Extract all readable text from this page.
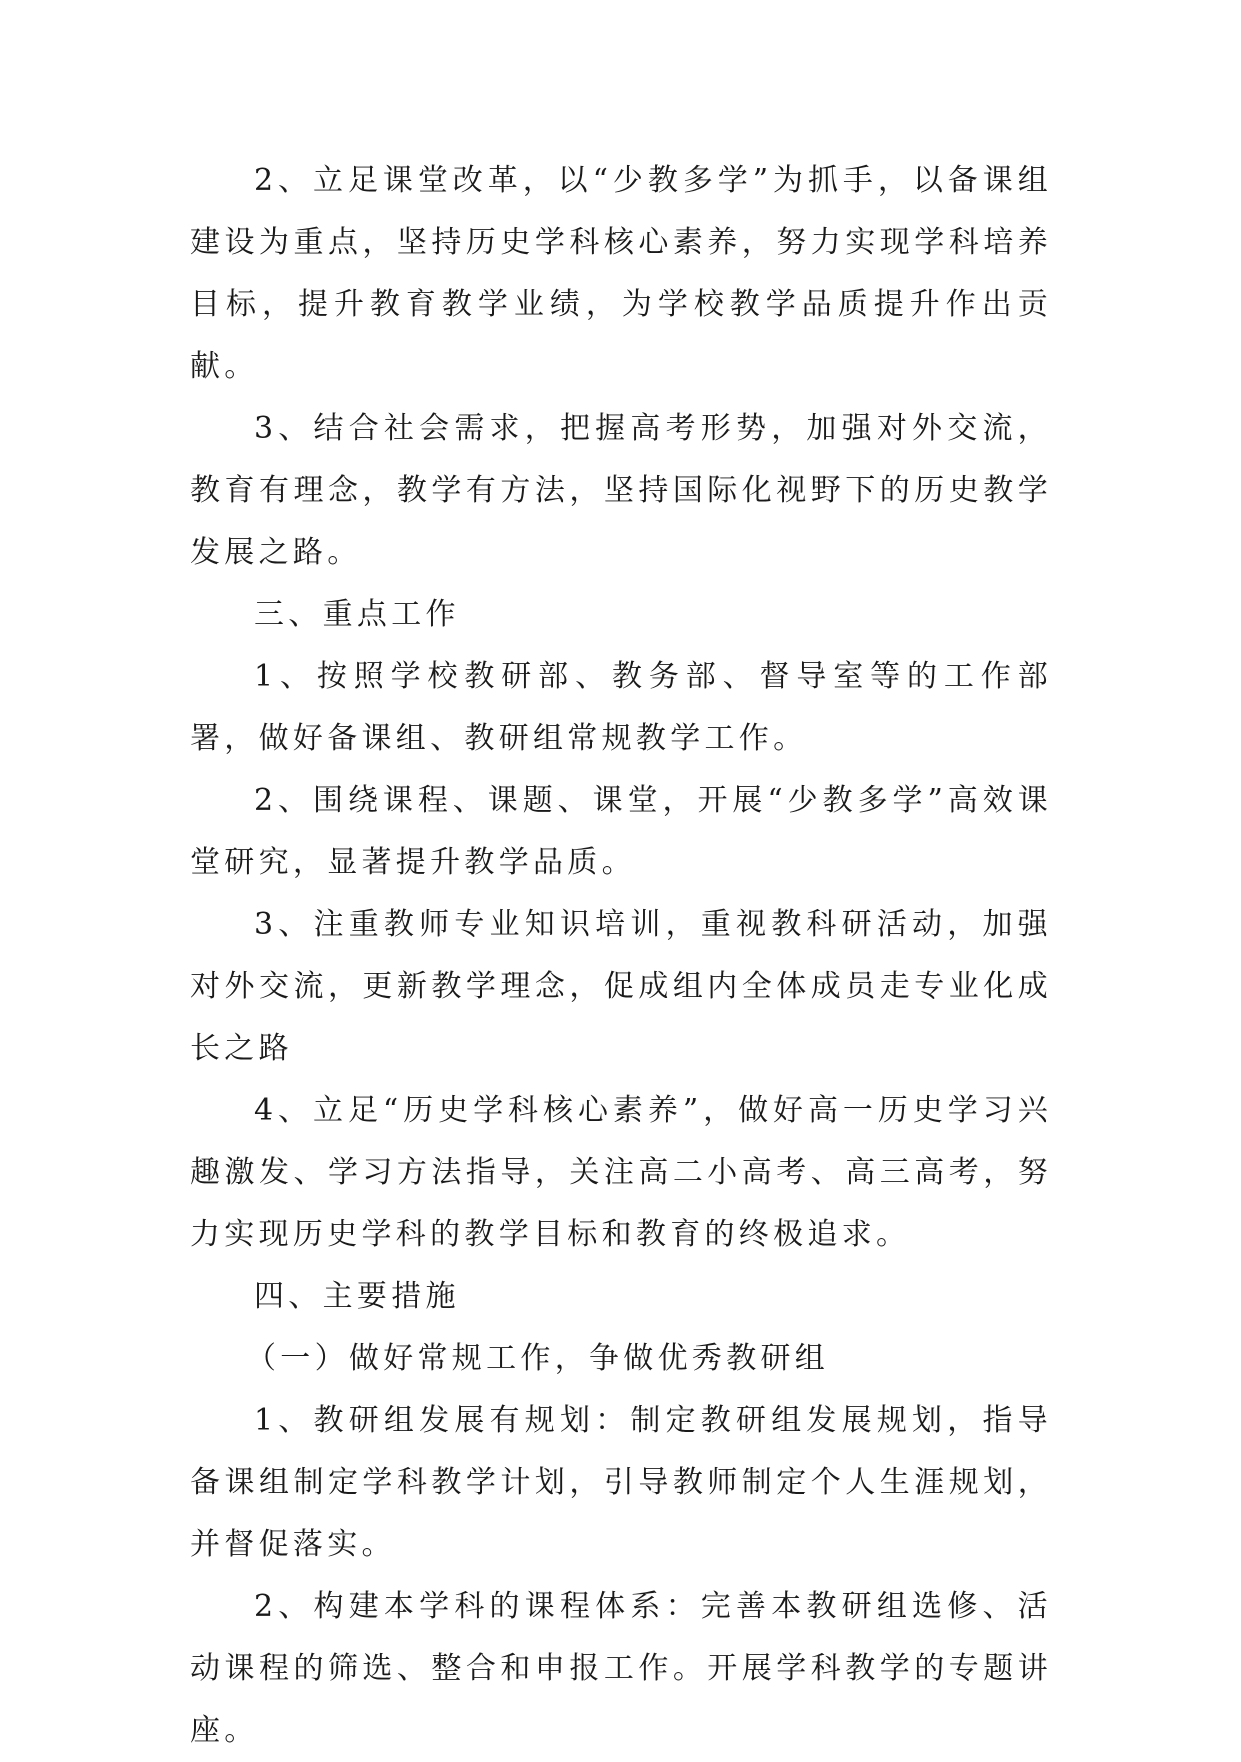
2、立足课堂改革，以“少教多学”为抓手，以备课组建设为重点，坚持历史学科核心素养，努力实现学科培养目标，提升教育教学业绩，为学校教学品质提升作出贡献。

3、结合社会需求，把握高考形势，加强对外交流，教育有理念，教学有方法，坚持国际化视野下的历史教学发展之路。

三、重点工作

1、按照学校教研部、教务部、督导室等的工作部署，做好备课组、教研组常规教学工作。

2、围绕课程、课题、课堂，开展“少教多学”高效课堂研究，显著提升教学品质。

3、注重教师专业知识培训，重视教科研活动，加强对外交流，更新教学理念，促成组内全体成员走专业化成长之路

4、立足“历史学科核心素养”，做好高一历史学习兴趣激发、学习方法指导，关注高二小高考、高三高考，努力实现历史学科的教学目标和教育的终极追求。

四、主要措施

（一）做好常规工作，争做优秀教研组

1、教研组发展有规划：制定教研组发展规划，指导备课组制定学科教学计划，引导教师制定个人生涯规划，并督促落实。

2、构建本学科的课程体系：完善本教研组选修、活动课程的筛选、整合和申报工作。开展学科教学的专题讲座。
